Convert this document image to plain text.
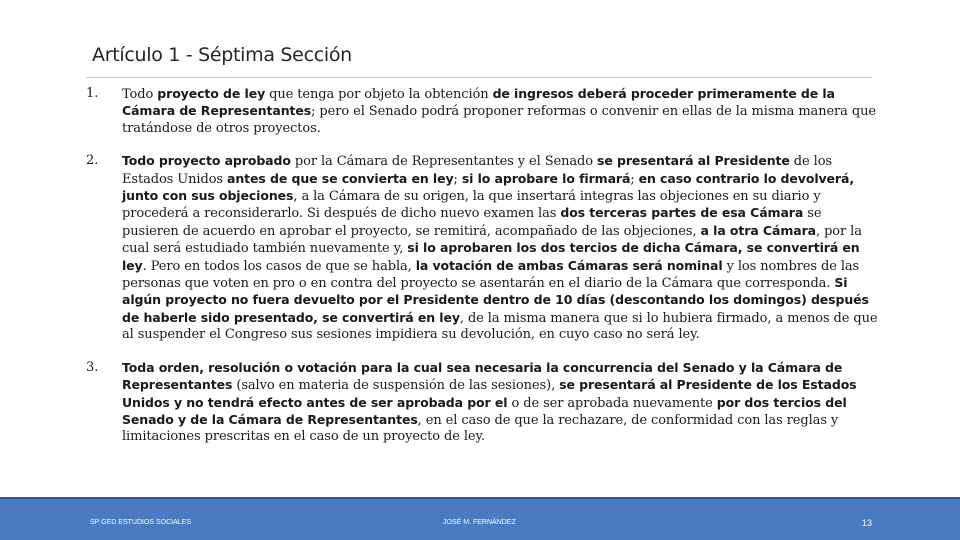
Artículo 1 - Séptima Sección
1.	Todo proyecto de ley que tenga por objeto la obtención de ingresos deberá proceder primeramente de la Cámara de Representantes; pero el Senado podrá proponer reformas o convenir en ellas de la misma manera que tratándose de otros proyectos.
2.	Todo proyecto aprobado por la Cámara de Representantes y el Senado se presentará al Presidente de los Estados Unidos antes de que se convierta en ley; si lo aprobare lo firmará; en caso contrario lo devolverá, junto con sus objeciones, a la Cámara de su origen, la que insertará integras las objeciones en su diario y procederá a reconsiderarlo. Si después de dicho nuevo examen las dos terceras partes de esa Cámara se pusieren de acuerdo en aprobar el proyecto, se remitirá, acompañado de las objeciones, a la otra Cámara, por la cual será estudiado también nuevamente y, si lo aprobaren los dos tercios de dicha Cámara, se convertirá en ley. Pero en todos los casos de que se habla, la votación de ambas Cámaras será nominal y los nombres de las personas que voten en pro o en contra del proyecto se asentarán en el diario de la Cámara que corresponda. Si algún proyecto no fuera devuelto por el Presidente dentro de 10 días (descontando los domingos) después de haberle sido presentado, se convertirá en ley, de la misma manera que si lo hubiera firmado, a menos de que al suspender el Congreso sus sesiones impidiera su devolución, en cuyo caso no será ley.
3.	Toda orden, resolución o votación para la cual sea necesaria la concurrencia del Senado y la Cámara de Representantes (salvo en materia de suspensión de las sesiones), se presentará al Presidente de los Estados Unidos y no tendrá efecto antes de ser aprobada por el o de ser aprobada nuevamente por dos tercios del Senado y de la Cámara de Representantes, en el caso de que la rechazare, de conformidad con las reglas y limitaciones prescritas en el caso de un proyecto de ley.
SP GED ESTUDIOS SOCIALES	JOSÉ M. FERNÁNDEZ	13
